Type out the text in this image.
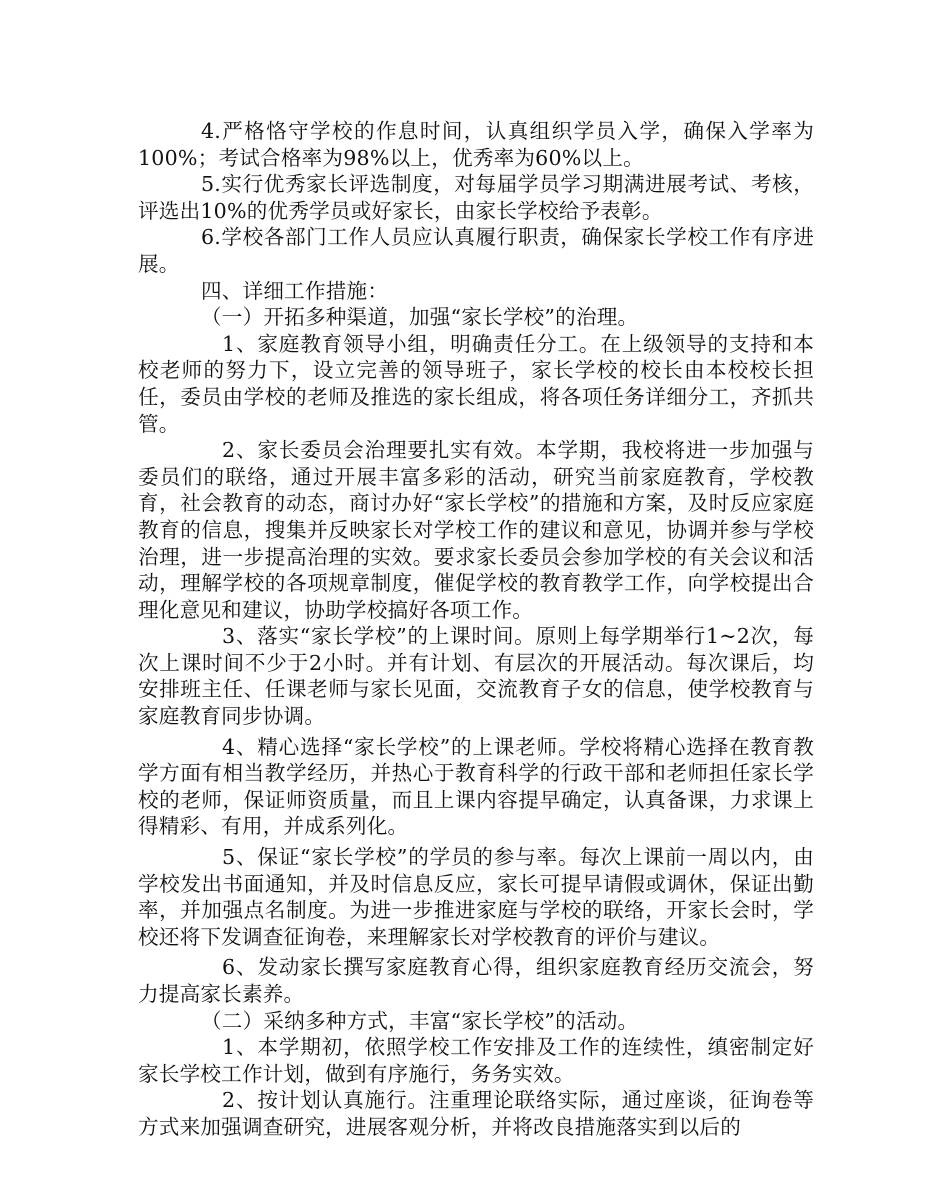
4.严格恪守学校的作息时间，认真组织学员入学，确保入学率为100%；考试合格率为98%以上，优秀率为60%以上。

5.实行优秀家长评选制度，对每届学员学习期满进展考试、考核，评选出10%的优秀学员或好家长，由家长学校给予表彰。

6.学校各部门工作人员应认真履行职责，确保家长学校工作有序进展。

四、详细工作措施：

（一）开拓多种渠道，加强“家长学校”的治理。

1、家庭教育领导小组，明确责任分工。在上级领导的支持和本校老师的努力下，设立完善的领导班子，家长学校的校长由本校校长担任，委员由学校的老师及推选的家长组成，将各项任务详细分工，齐抓共管。

2、家长委员会治理要扎实有效。本学期，我校将进一步加强与委员们的联络，通过开展丰富多彩的活动，研究当前家庭教育，学校教育，社会教育的动态，商讨办好“家长学校”的措施和方案，及时反应家庭教育的信息，搜集并反映家长对学校工作的建议和意见，协调并参与学校治理，进一步提高治理的实效。要求家长委员会参加学校的有关会议和活动，理解学校的各项规章制度，催促学校的教育教学工作，向学校提出合理化意见和建议，协助学校搞好各项工作。

3、落实“家长学校”的上课时间。原则上每学期举行1~2次，每次上课时间不少于2小时。并有计划、有层次的开展活动。每次课后，均安排班主任、任课老师与家长见面，交流教育子女的信息，使学校教育与家庭教育同步协调。

4、精心选择“家长学校”的上课老师。学校将精心选择在教育教学方面有相当教学经历，并热心于教育科学的行政干部和老师担任家长学校的老师，保证师资质量，而且上课内容提早确定，认真备课，力求课上得精彩、有用，并成系列化。

5、保证“家长学校”的学员的参与率。每次上课前一周以内，由学校发出书面通知，并及时信息反应，家长可提早请假或调休，保证出勤率，并加强点名制度。为进一步推进家庭与学校的联络，开家长会时，学校还将下发调查征询卷，来理解家长对学校教育的评价与建议。

6、发动家长撰写家庭教育心得，组织家庭教育经历交流会，努力提高家长素养。

（二）采纳多种方式，丰富“家长学校”的活动。

1、本学期初，依照学校工作安排及工作的连续性，缜密制定好家长学校工作计划，做到有序施行，务务实效。

2、按计划认真施行。注重理论联络实际，通过座谈，征询卷等方式来加强调查研究，进展客观分析，并将改良措施落实到以后的
